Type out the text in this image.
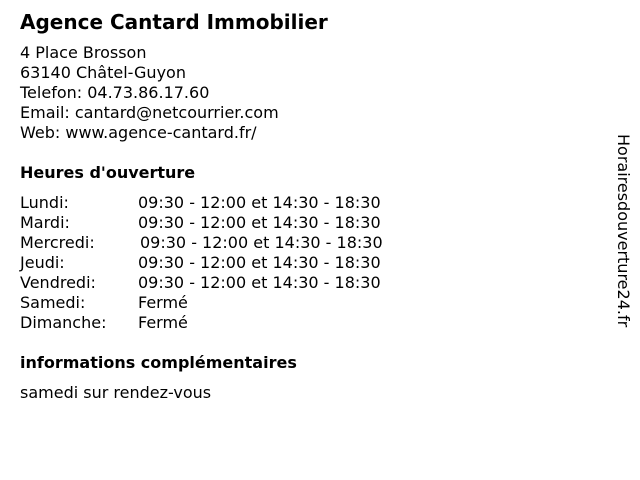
Agence Cantard Immobilier
4 Place Brosson
63140 Châtel-Guyon
Telefon: 04.73.86.17.60
Email: cantard@netcourrier.com
Web: www.agence-cantard.fr/
Heures d'ouverture
Lundi:	09:30 - 12:00 et 14:30 - 18:30
Mardi:	09:30 - 12:00 et 14:30 - 18:30
Mercredi:	09:30 - 12:00 et 14:30 - 18:30
Jeudi:	09:30 - 12:00 et 14:30 - 18:30
Vendredi:	09:30 - 12:00 et 14:30 - 18:30
Samedi:	Fermé
Dimanche: Fermé
informations complémentaires
samedi sur rendez-vous
Horairesdouverture24.fr
